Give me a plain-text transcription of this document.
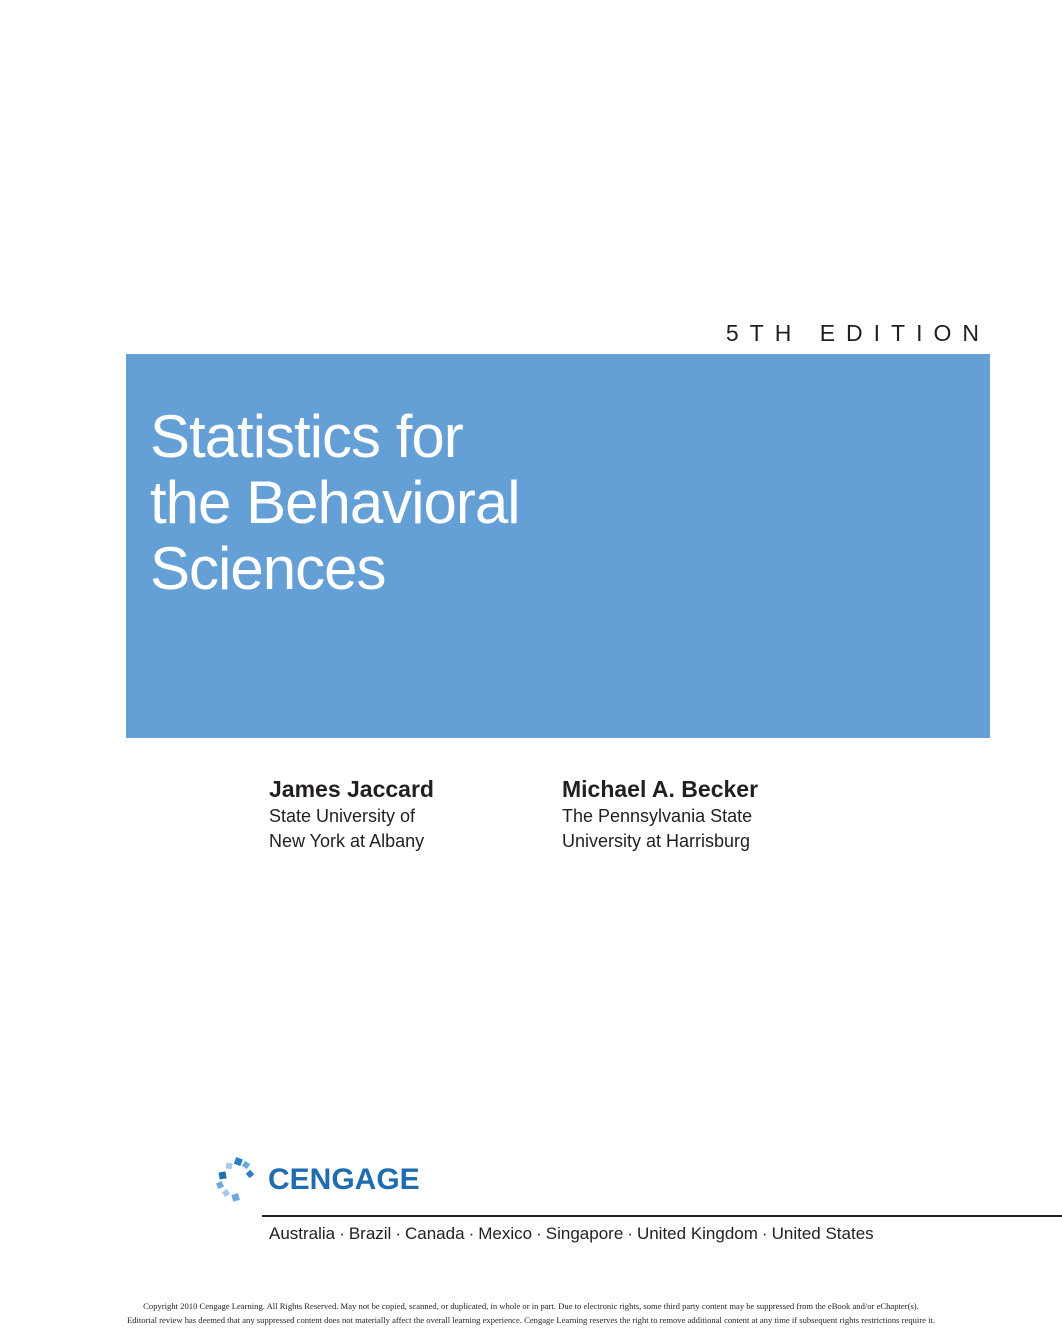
5TH EDITION
Statistics for
the Behavioral
Sciences
James Jaccard
State University of
New York at Albany
Michael A. Becker
The Pennsylvania State
University at Harrisburg
CENGAGE
Australia · Brazil · Canada · Mexico · Singapore · United Kingdom · United States
Copyright 2010 Cengage Learning. All Rights Reserved. May not be copied, scanned, or duplicated, in whole or in part. Due to electronic rights, some third party content may be suppressed from the eBook and/or eChapter(s).
Editorial review has deemed that any suppressed content does not materially affect the overall learning experience. Cengage Learning reserves the right to remove additional content at any time if subsequent rights restrictions require it.
